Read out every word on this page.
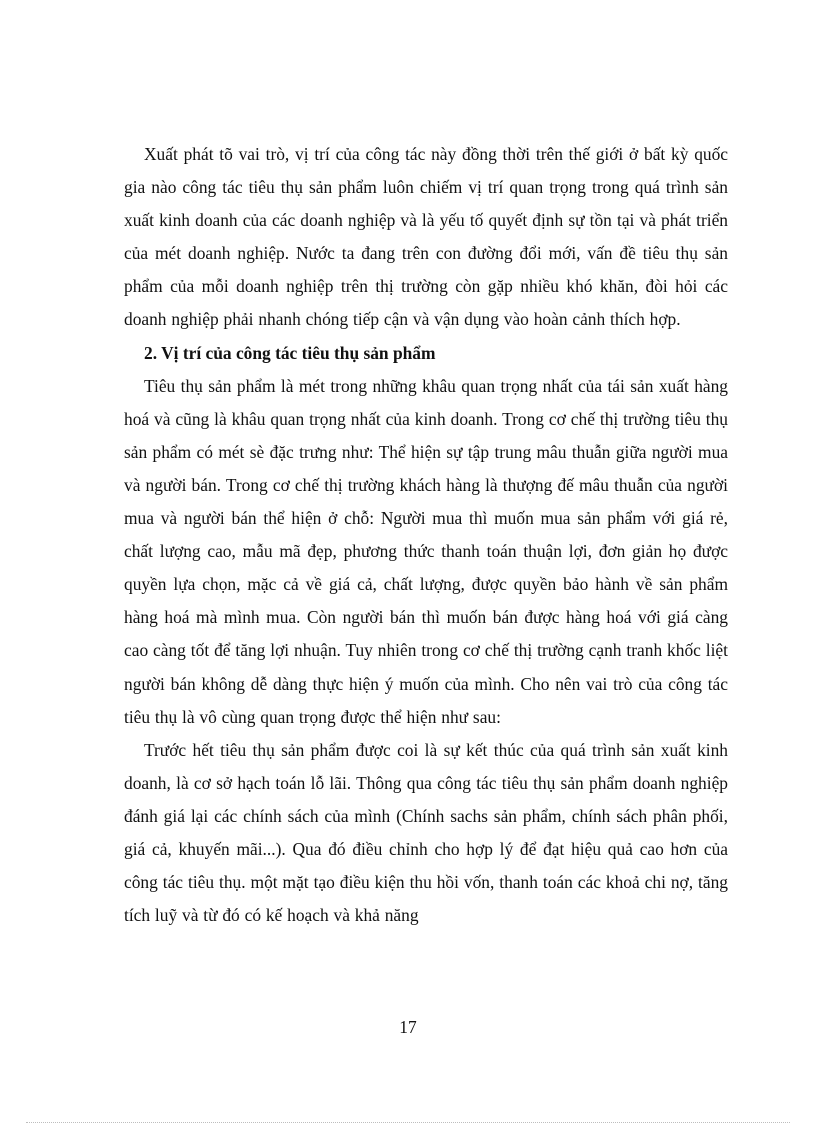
Xuất phát tõ vai trò, vị trí của công tác này đồng thời trên thế giới ở bất kỳ quốc gia nào công tác tiêu thụ sản phẩm luôn chiếm vị trí quan trọng trong quá trình sản xuất kinh doanh của các doanh nghiệp và là yếu tố quyết định sự tồn tại và phát triển của mét doanh nghiệp. Nước ta đang trên con đường đổi mới, vấn đề tiêu thụ sản phẩm của mỗi doanh nghiệp trên thị trường còn gặp nhiều khó khăn, đòi hỏi các doanh nghiệp phải nhanh chóng tiếp cận và vận dụng vào hoàn cảnh thích hợp.

2. Vị trí của công tác tiêu thụ sản phẩm

Tiêu thụ sản phẩm là mét trong những khâu quan trọng nhất của tái sản xuất hàng hoá và cũng là khâu quan trọng nhất của kinh doanh. Trong cơ chế thị trường tiêu thụ sản phẩm có mét sè đặc trưng như: Thể hiện sự tập trung mâu thuẫn giữa người mua và người bán. Trong cơ chế thị trường khách hàng là thượng đế mâu thuẫn của người mua và người bán thể hiện ở chỗ: Người mua thì muốn mua sản phẩm với giá rẻ, chất lượng cao, mẫu mã đẹp, phương thức thanh toán thuận lợi, đơn giản họ được quyền lựa chọn, mặc cả về giá cả, chất lượng, được quyền bảo hành về sản phẩm hàng hoá mà mình mua. Còn người bán thì muốn bán được hàng hoá với giá càng cao càng tốt để tăng lợi nhuận. Tuy nhiên trong cơ chế thị trường cạnh tranh khốc liệt người bán không dễ dàng thực hiện ý muốn của mình. Cho nên vai trò của công tác tiêu thụ là vô cùng quan trọng được thể hiện như sau:

Trước hết tiêu thụ sản phẩm được coi là sự kết thúc của quá trình sản xuất kinh doanh, là cơ sở hạch toán lỗ lãi. Thông qua công tác tiêu thụ sản phẩm doanh nghiệp đánh giá lại các chính sách của mình (Chính sachs sản phẩm, chính sách phân phối, giá cả, khuyến mãi...). Qua đó điều chỉnh cho hợp lý để đạt hiệu quả cao hơn của công tác tiêu thụ. một mặt tạo điều kiện thu hồi vốn, thanh toán các khoả chi nợ, tăng tích luỹ và từ đó có kế hoạch và khả năng

17
